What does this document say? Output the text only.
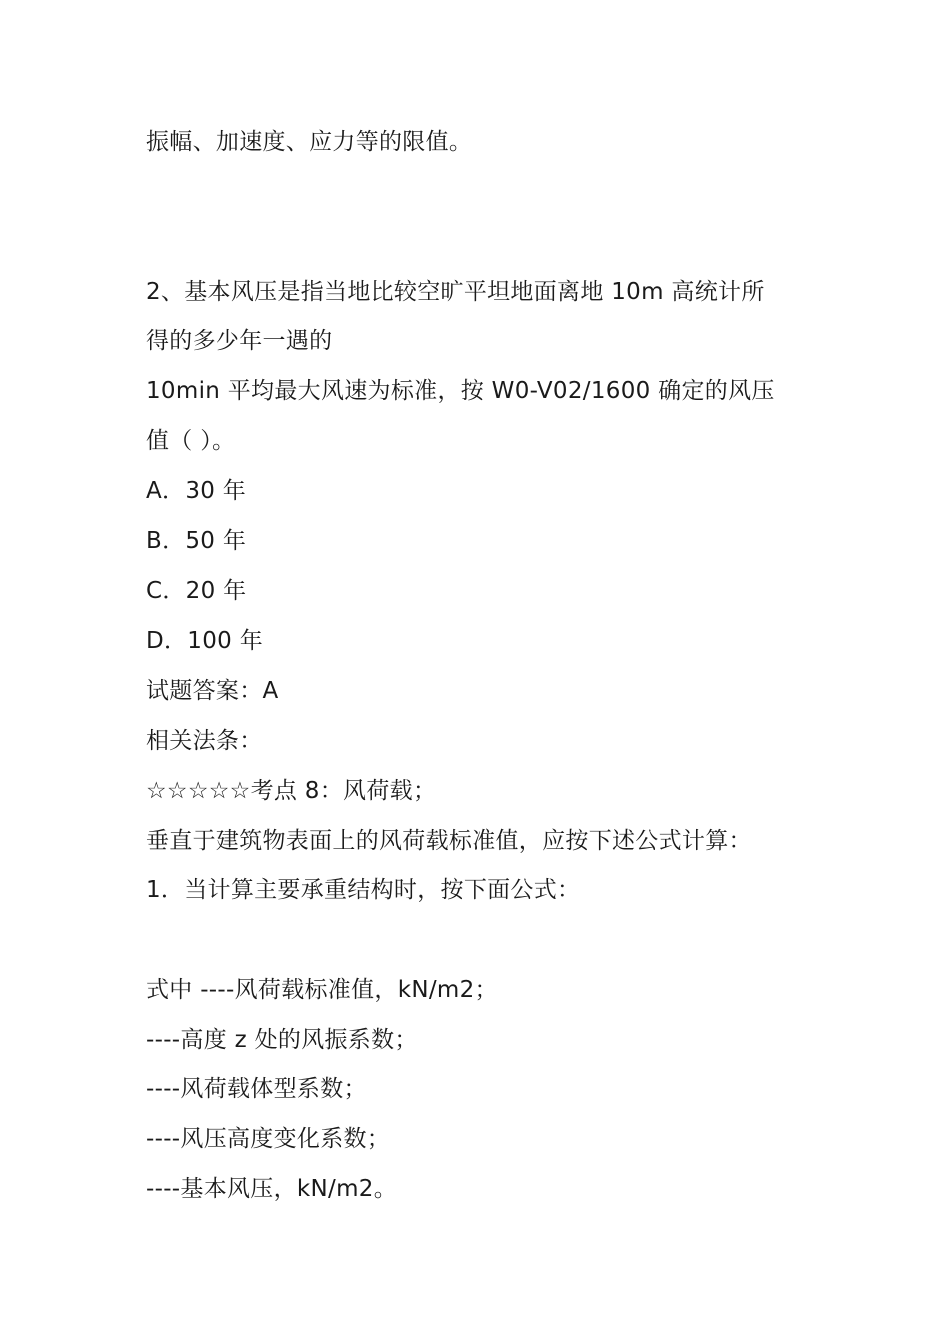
振幅、加速度、应力等的限值。
2、基本风压是指当地比较空旷平坦地面离地 10m 高统计所
得的多少年一遇的
10min 平均最大风速为标准，按 W0-V02/1600 确定的风压
值（ ）。
A．30 年
B．50 年
C．20 年
D．100 年
试题答案：A
相关法条：
☆☆☆☆☆考点 8：风荷载；
垂直于建筑物表面上的风荷载标准值，应按下述公式计算：
1．当计算主要承重结构时，按下面公式：
式中 ----风荷载标准值，kN/m2；
----高度 z 处的风振系数；
----风荷载体型系数；
----风压高度变化系数；
----基本风压，kN/m2。
